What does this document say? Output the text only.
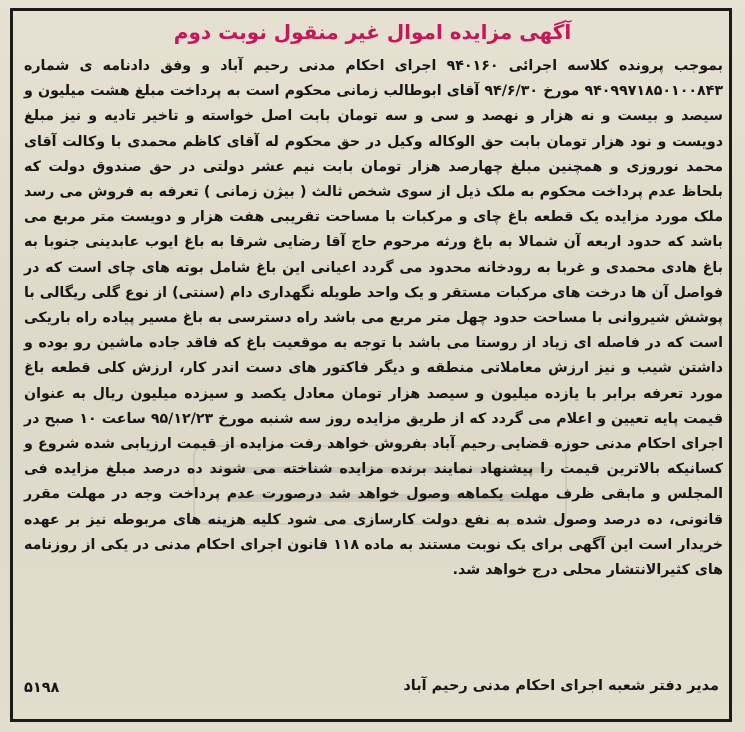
آگهی مزایده اموال غیر منقول نوبت دوم
بموجب پرونده کلاسه اجرائی ۹۴۰۱۶۰ اجرای احکام مدنی رحیم آباد و وفق دادنامه ی شماره ۹۴۰۹۹۷۱۸۵۰۱۰۰۸۴۳ مورخ ۹۴/۶/۳۰ آقای ابوطالب زمانی محکوم است به پرداخت مبلغ هشت میلیون و سیصد و بیست و نه هزار و نهصد و سی و سه تومان بابت اصل خواسته و تاخیر تادیه و نیز مبلغ دویست و نود هزار تومان بابت حق الوکاله وکیل در حق محکوم له آقای کاظم محمدی با وکالت آقای محمد نوروزی و همچنین مبلغ چهارصد هزار تومان بابت نیم عشر دولتی در حق صندوق دولت که بلحاظ عدم پرداخت محکوم به ملک ذیل از سوی شخص ثالث ( بیژن زمانی ) تعرفه به فروش می رسد ملک مورد مزایده یک قطعه باغ چای و مرکبات با مساحت تقریبی هفت هزار و دویست متر مربع می باشد که حدود اربعه آن شمالا به باغ ورثه مرحوم حاج آقا رضایی شرقا به باغ ایوب عابدینی جنوبا به باغ هادی محمدی و غربا به رودخانه محدود می گردد اعیانی این باغ شامل بوته های چای است که در فواصل آن ها درخت های مرکبات مستقر و یک واحد طویله نگهداری دام (سنتی) از نوع گلی ریگالی با پوشش شیروانی با مساحت حدود چهل متر مربع می باشد راه دسترسی به باغ مسیر پیاده راه باریکی است که در فاصله ای زیاد از روستا می باشد با توجه به موقعیت باغ که فاقد جاده ماشین رو بوده و داشتن شیب و نیز ارزش معاملاتی منطقه و دیگر فاکتور های دست اندر کار، ارزش کلی قطعه باغ مورد تعرفه برابر با یازده میلیون و سیصد هزار تومان معادل یکصد و سیزده میلیون ریال به عنوان قیمت پایه تعیین و اعلام می گردد که از طریق مزایده روز سه شنبه مورخ ۹۵/۱۲/۲۳ ساعت ۱۰ صبح در اجرای احکام مدنی حوزه قضایی رحیم آباد بفروش خواهد رفت مزایده از قیمت ارزیابی شده شروع و کسانیکه بالاترین قیمت را پیشنهاد نمایند برنده مزایده شناخته می شوند ده درصد مبلغ مزایده فی المجلس و مابقی ظرف مهلت یکماهه وصول خواهد شد درصورت عدم پرداخت وجه در مهلت مقرر قانونی، ده درصد وصول شده به نفع دولت کارسازی می شود کلیه هزینه های مربوطه نیز بر عهده خریدار است این آگهی برای یک نوبت مستند به ماده ۱۱۸ قانون اجرای احکام مدنی در یکی از روزنامه های کثیرالانتشار محلی درج خواهد شد.
مدیر دفتر شعبه اجرای احکام مدنی رحیم آباد
۵۱۹۸
